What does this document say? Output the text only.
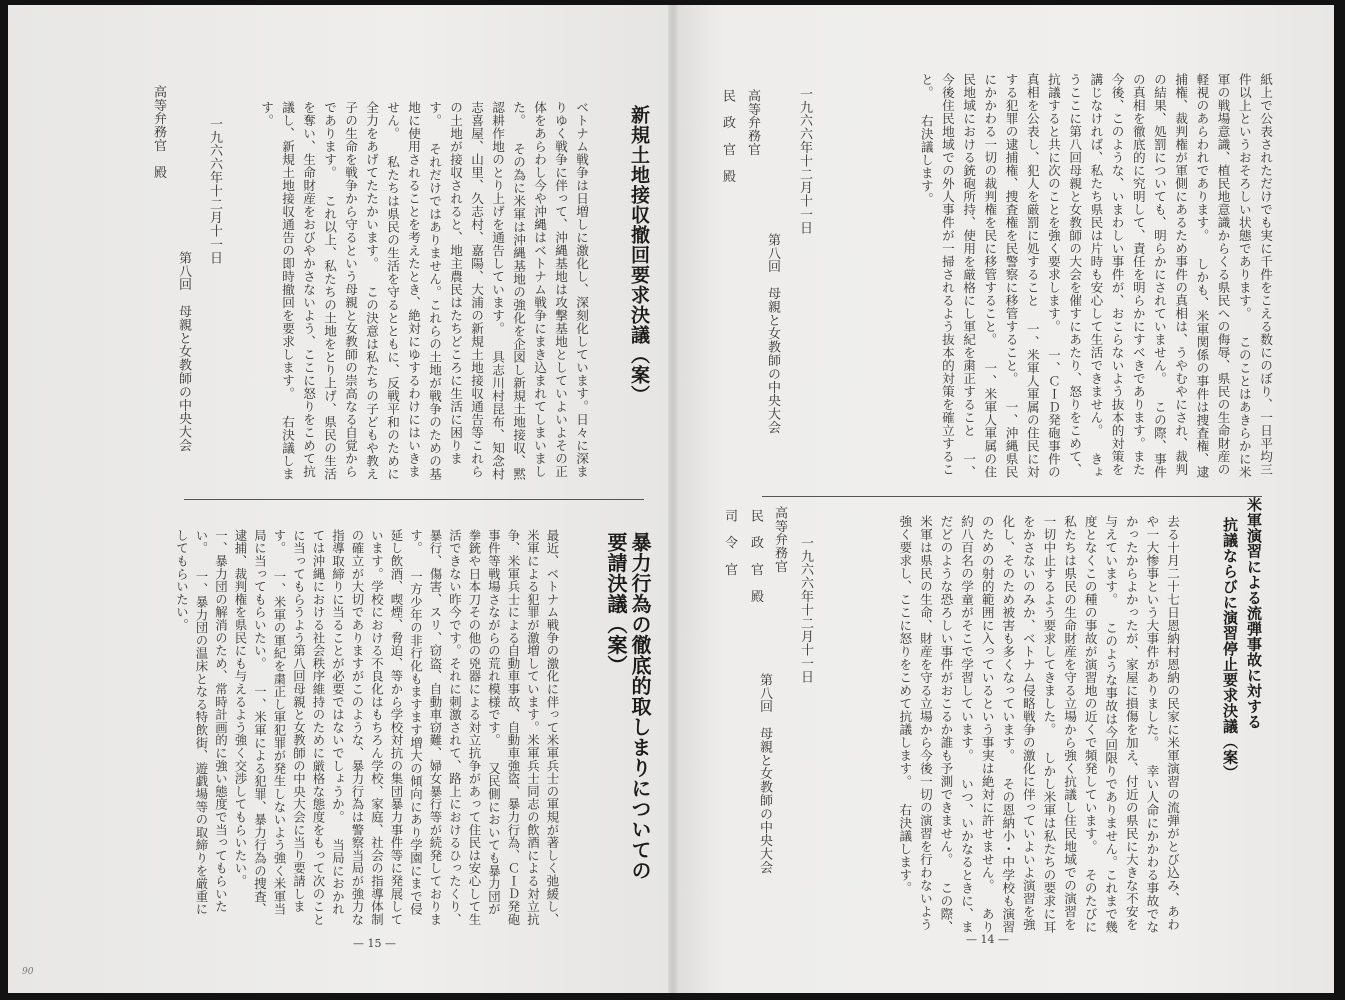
新規土地接収撤回要求決議（案）
ベトナム戦争は日増しに激化し、深刻化しています。日々に深まりゆく戦争に伴って、沖縄基地は攻撃基地としていよいよその正体をあらわし今や沖縄はベトナム戦争にまき込まれてしまいました。 その為に米軍は沖縄基地の強化を企図し新規土地接収、黙認耕作地のとり上げを通告しています。 具志川村昆布、知念村志喜屋、山里、久志村、嘉陽、大浦の新規土地接収通告等これらの土地が接収されると、地主農民はたちどころに生活に困ります。 それだけではありません。これらの土地が戦争のための基地に使用されることを考えたとき、絶対にゆするわけにはいきません。 私たちは県民の生活を守るとともに、反戦平和のために全力をあげてたたかいます。 この決意は私たちの子どもや教え子の生命を戦争から守るという母親と女教師の崇高なる自覚からであります。 これ以上、私たちの土地をとり上げ、県民の生活を奪い、生命財産をおびやかさないよう、ここに怒りをこめて抗議し、新規土地接収通告の即時撤回を要求します。 右決議します。
一九六六年十二月十一日
第八回　母親と女教師の中央大会
高等弁務官　殿
暴力行為の徹底的取しまりについての
要請決議（案）
最近、ベトナム戦争の激化に伴って米軍兵士の軍規が著しく弛緩し、米軍による犯罪が激増しています。米軍兵士同志の飲酒による対立抗争、米軍兵士による自動車事故、自動車強盗、暴力行為、ＣＩＤ発砲事件等戦場さながらの荒れ模様です。 又民側においても暴力団が拳銃や日本刀その他の兇器による対立抗争があって住民は安心して生活できない昨今です。それに刺激されて、路上におけるひったくり、暴行、傷害、スリ、窃盗、自動車窃難、婦女暴行等が続発しております。 一方少年の非行化もますます増大の傾向にあり学園にまで侵延し飲酒、喫煙、脅迫、等から学校対抗の集団暴力事件等に発展しています。学校における不良化はもちろん学校、家庭、社会の指導体制の確立が大切でありますがこのような、暴力行為は警察当局が強力な指導取締りに当ることが必要ではないでしょうか。 当局におかれては沖縄における社会秩序維持のために厳格な態度をもって次のことに当ってもらうよう第八回母親と女教師の中央大会に当り要請します。 一、米軍の軍紀を粛正し軍犯罪が発生しないよう強く米軍当局に当ってもらいたい。 一、米軍による犯罪、暴力行為の捜査、逮捕、裁判権を県民にも与えるよう強く交渉してもらいたい。 一、暴力団の解消のため、常時計画的に強い態度で当ってもらいたい。 一、暴力団の温床となる特飲街、遊戯場等の取締りを厳重にしてもらいたい。
— 15 —
90
紙上で公表されただけでも実に千件をこえる数にのぼり、一日平均三件以上というおそろしい状態であります。 このことはあきらかに米軍の戦場意識、植民地意識からくる県民への侮辱、県民の生命財産の軽視のあらわれであります。 しかも、米軍関係の事件は捜査権、逮捕権、裁判権が軍側にあるため事件の真相は、うやむやにされ、裁判の結果、処罰についても、明らかにされていません。 この際、事件の真相を徹底的に究明して、責任を明らかにすべきであります。また今後、このような、いまわしい事件が、おこらないよう抜本的対策を講じなければ、私たち県民は片時も安心して生活できません。 きょうここに第八回母親と女教師の大会を催すにあたり、怒りをこめて、抗議すると共に次のことを強く要求します。 一、ＣＩＤ発砲事件の真相を公表し、犯人を厳罰に処すること 一、米軍人軍属の住民に対する犯罪の逮捕権、捜査権を民警察に移管すること。 一、沖縄県民にかかわる一切の裁判権を民に移管すること。 一、米軍人軍属の住民地域における銃砲所持、使用を厳格にし軍紀を粛正すること 一、今後住民地域での外人事件が一掃されるよう抜本的対策を確立すること。 右決議します。
一九六六年十二月十一日
第八回　母親と女教師の中央大会
高等弁務官
民　政　官　殿
米軍演習による流弾事故に対する
抗議ならびに演習停止要求決議（案）
去る十月二十七日恩納村恩納の民家に米軍演習の流弾がとび込み、あわや一大惨事という大事件がありました。 幸い人命にかかわる事故でなかったからよかったが、家屋に損傷を加え、付近の県民に大きな不安を与えています。 このような事故は今回限りでありません。これまで幾度となくこの種の事故が演習地の近くで頻発しています。 そのたびに私たちは県民の生命財産を守る立場から強く抗議し住民地域での演習を一切中止するよう要求してきました。 しかし米軍は私たちの要求に耳をかさないのみか、ベトナム侵略戦争の激化に伴っていよいよ演習を強化し、そのため被害も多くなっています。 その恩納小・中学校も演習のための射的範囲に入っているという事実は絶対に許せません。 あり約八百名の学童がそこで学習しています。 いつ、いかなるときに、まだどのような恐ろしい事件がおこるか誰も予測できません。 この際、米軍は県民の生命、財産を守る立場から今後一切の演習を行わないよう強く要求し、ここに怒りをこめて抗議します。 右決議します。
一九六六年十二月十一日
第八回　母親と女教師の中央大会
高等弁務官
民　政　官　殿
司　令　官
— 14 —
